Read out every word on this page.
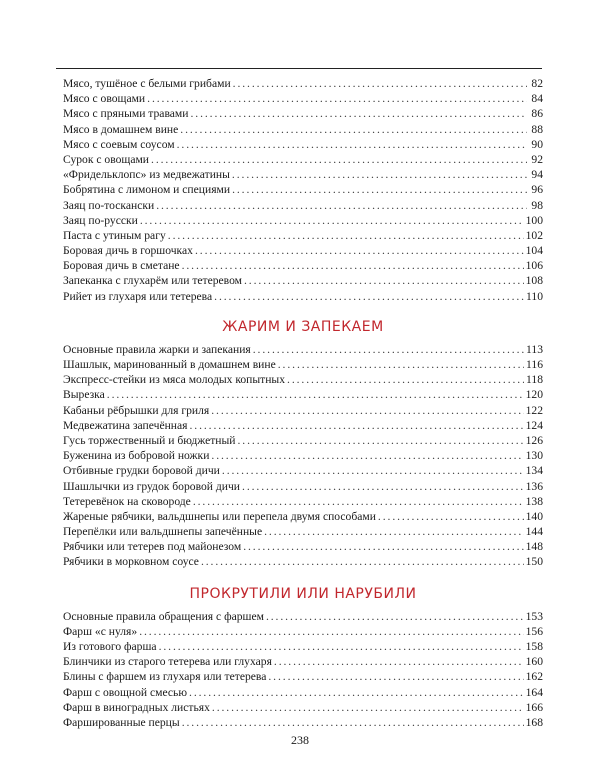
Мясо, тушёное с белыми грибами . . .	82
Мясо с овощами . . .	84
Мясо с пряными травами . . .	86
Мясо в домашнем вине . . .	88
Мясо с соевым соусом . . .	90
Сурок с овощами . . .	92
«Фридельклопс» из медвежатины . . .	94
Бобрятина с лимоном и специями . . .	96
Заяц по-тоскански . . .	98
Заяц по-русски . . .	100
Паста с утиным рагу . . .	102
Боровая дичь в горшочках . . .	104
Боровая дичь в сметане . . .	106
Запеканка с глухарём или тетеревом . . .	108
Рийет из глухаря или тетерева . . .	110
ЖАРИМ И ЗАПЕКАЕМ
Основные правила жарки и запекания . . .	113
Шашлык, маринованный в домашнем вине . . .	116
Экспресс-стейки из мяса молодых копытных . . .	118
Вырезка . . .	120
Кабаньи рёбрышки для гриля . . .	122
Медвежатина запечённая . . .	124
Гусь торжественный и бюджетный . . .	126
Буженина из бобровой ножки . . .	130
Отбивные грудки боровой дичи . . .	134
Шашлычки из грудок боровой дичи . . .	136
Тетеревёнок на сковороде . . .	138
Жареные рябчики, вальдшнепы или перепела двумя способами . . .	140
Перепёлки или вальдшнепы запечённые . . .	144
Рябчики или тетерев под майонезом . . .	148
Рябчики в морковном соусе . . .	150
ПРОКРУТИЛИ ИЛИ НАРУБИЛИ
Основные правила обращения с фаршем . . .	153
Фарш «с нуля» . . .	156
Из готового фарша . . .	158
Блинчики из старого тетерева или глухаря . . .	160
Блины с фаршем из глухаря или тетерева . . .	162
Фарш с овощной смесью . . .	164
Фарш в виноградных листьях . . .	166
Фаршированные перцы . . .	168
238
